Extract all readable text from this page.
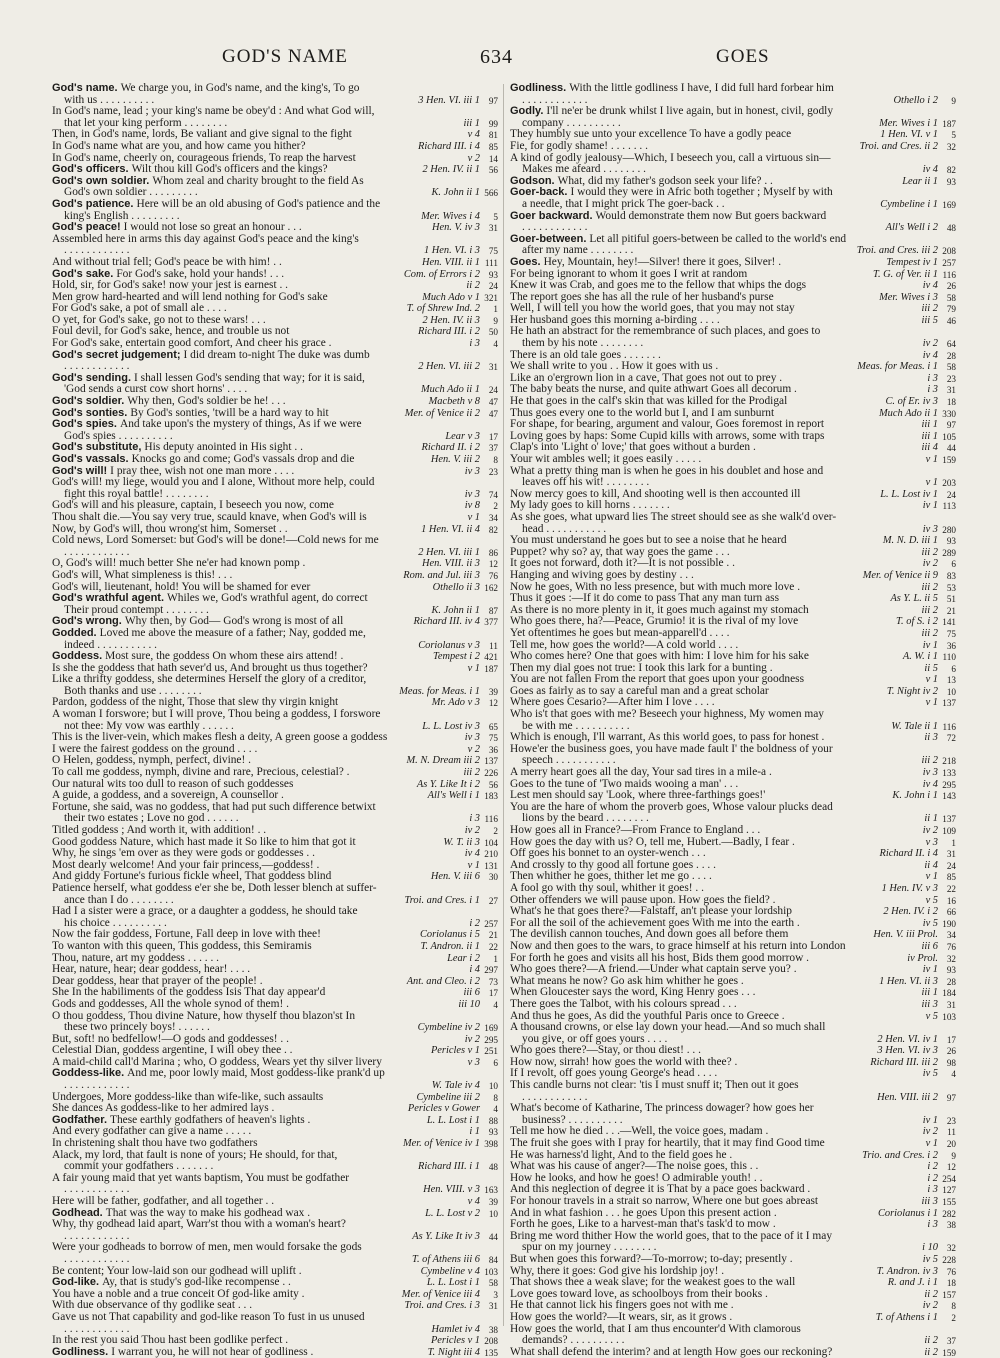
GOD'S NAME	634	GOES
God's name. We charge you, in God's name, and the king's, To go
with us . . . . . . . . . .	3 Hen. VI. iii 1 97
In God's name, lead ; your king's name be obey'd : And what God will,
that let your king perform . . . . . . . .	iii 1 99
Then, in God's name, lords, Be valiant and give signal to the fight	v 4 81
In God's name what are you, and how came you hither?	Richard III. i 4 85
In God's name, cheerly on, courageous friends, To reap the harvest	v 2 14
God's officers. Wilt thou kill God's officers and the kings?	2 Hen. IV. ii 1 56
God's own soldier. Whom zeal and charity brought to the field As
God's own soldier . . . . . . . . .	K. John ii 1 566
God's patience. Here will be an old abusing of God's patience and the
king's English . . . . . . . . .	Mer. Wives i 4	5
God's peace! I would not lose so great an honour . . .	Hen. V. iv 3 31
Assembled here in arms this day against God's peace and the king's
. . . . . . . . . . . .	1 Hen. VI. i 3 75
And without trial fell; God's peace be with him! . .	Hen. VIII. ii 1 111
God's sake. For God's sake, hold your hands! . . .	Com. of Errors i 2 93
Hold, sir, for God's sake! now your jest is earnest . .	ii 2 24
Men grow hard-hearted and will lend nothing for God's sake	Much Ado v 1 321
For God's sake, a pot of small ale . . . .	T. of Shrew Ind. 2	1
O yet, for God's sake, go not to these wars! . . .	2 Hen. IV. ii 3	9
Foul devil, for God's sake, hence, and trouble us not	Richard III. i 2 50
For God's sake, entertain good comfort, And cheer his grace .	i 3	4
God's secret judgement; I did dream to-night The duke was dumb
. . . . . . . . . . . .	2 Hen. VI. iii 2 31
God's sending. I shall lessen God's sending that way; for it is said,
'God sends a curst cow short horns' . . . .	Much Ado ii 1 24
God's soldier. Why then, God's soldier be he! . . .	Macbeth v 8 47
God's sonties. By God's sonties, 'twill be a hard way to hit	Mer. of Venice ii 2 47
God's spies. And take upon's the mystery of things, As if we were
God's spies . . . . . . . . . .	Lear v 3 17
God's substitute, His deputy anointed in His sight . .	Richard II. i 2 37
God's vassals. Knocks go and come; God's vassals drop and die	Hen. V. iii 2	8
God's will! I pray thee, wish not one man more . . . .	iv 3 23
God's will! my liege, would you and I alone, Without more help, could
fight this royal battle! . . . . . . . .	iv 3 74
God's will and his pleasure, captain, I beseech you now, come	iv 8	2
Thou shalt die.—You say very true, scauld knave, when God's will is	v 1 34
Now, by God's will, thou wrong'st him, Somerset . .	1 Hen. VI. ii 4 82
Cold news, Lord Somerset: but God's will be done!—Cold news for me
. . . . . . . . . . . .	2 Hen. VI. iii 1 86
O, God's will! much better She ne'er had known pomp .	Hen. VIII. ii 3 12
God's will, What simpleness is this! . . .	Rom. and Jul. iii 3 76
God's will, lieutenant, hold! You will be shamed for ever	Othello ii 3 162
God's wrathful agent. Whiles we, God's wrathful agent, do correct
Their proud contempt . . . . . . . .	K. John ii 1 87
God's wrong. Why then, by God— God's wrong is most of all	Richard III. iv 4 377
Godded. Loved me above the measure of a father; Nay, godded me,
indeed . . . . . . . . . . .	Coriolanus v 3 11
Goddess. Most sure, the goddess On whom these airs attend! .	Tempest i 2 421
Is she the goddess that hath sever'd us, And brought us thus together?	v 1 187
Like a thrifty goddess, she determines Herself the glory of a creditor,
Both thanks and use . . . . . . . .	Meas. for Meas. i 1 39
Pardon, goddess of the night, Those that slew thy virgin knight	Mr. Ado v 3 12
A woman I forswore; but I will prove, Thou being a goddess, I forswore
not thee: My vow was earthly . . . . . .	L. L. Lost iv 3 65
This is the liver-vein, which makes flesh a deity, A green goose a goddess	iv 3 75
I were the fairest goddess on the ground . . . .	v 2 36
O Helen, goddess, nymph, perfect, divine! .	M. N. Dream iii 2 137
To call me goddess, nymph, divine and rare, Precious, celestial? .	iii 2 226
Our natural wits too dull to reason of such goddesses	As Y. Like It i 2 56
A guide, a goddess, and a sovereign, A counsellor .	All's Well i 1 183
Fortune, she said, was no goddess, that had put such difference betwixt
their two estates ; Love no god . . . . . .	i 3 116
Titled goddess ; And worth it, with addition! . .	iv 2	2
Good goddess Nature, which hast made it So like to him that got it	W. T. ii 3 104
Why, he sings 'em over as they were gods or goddesses . .	iv 4 210
Most dearly welcome! And your fair princess,—goddess! .	v 1 131
And giddy Fortune's furious fickle wheel, That goddess blind	Hen. V. iii 6 30
Patience herself, what goddess e'er she be, Doth lesser blench at suffer-
ance than I do . . . . . . . .	Troi. and Cres. i 1 27
Had I a sister were a grace, or a daughter a goddess, he should take
his choice . . . . . . . . . .	i 2 257
Now the fair goddess, Fortune, Fall deep in love with thee!	Coriolanus i 5 21
To wanton with this queen, This goddess, this Semiramis	T. Andron. ii 1 22
Thou, nature, art my goddess . . . . . .	Lear i 2	1
Hear, nature, hear; dear goddess, hear! . . . .	i 4 297
Dear goddess, hear that prayer of the people! .	Ant. and Cleo. i 2 73
She In the habiliments of the goddess Isis That day appear'd	iii 6 17
Gods and goddesses, All the whole synod of them! .	iii 10	4
O thou goddess, Thou divine Nature, how thyself thou blazon'st In
these two princely boys! . . . . . .	Cymbeline iv 2 169
But, soft! no bedfellow!—O gods and goddesses! . .	iv 2 295
Celestial Dian, goddess argentine, I will obey thee . .	Pericles v 1 251
A maid-child call'd Marina ; who, O goddess, Wears yet thy silver livery	v 3	6
Goddess-like. And me, poor lowly maid, Most goddess-like prank'd up
. . . . . . . . . . . .	W. Tale iv 4 10
Undergoes, More goddess-like than wife-like, such assaults	Cymbeline iii 2	8
She dances As goddess-like to her admired lays .	Pericles v Gower	4
Godfather. These earthly godfathers of heaven's lights .	L. L. Lost i 1 88
And every godfather can give a name . . . . .	i 1 93
In christening shalt thou have two godfathers	Mer. of Venice iv 1 398
Alack, my lord, that fault is none of yours; He should, for that,
commit your godfathers . . . . . . .	Richard III. i 1 48
A fair young maid that yet wants baptism, You must be godfather
. . . . . . . . . . . .	Hen. VIII. v 3 163
Here will be father, godfather, and all together . .	v 4 39
Godhead. That was the way to make his godhead wax .	L. L. Lost v 2 10
Why, thy godhead laid apart, Warr'st thou with a woman's heart?
. . . . . . . . . . . .	As Y. Like It iv 3 44
Were your godheads to borrow of men, men would forsake the gods
. . . . . . . . . . . .	T. of Athens iii 6 84
Be content; Your low-laid son our godhead will uplift .	Cymbeline v 4 103
God-like. Ay, that is study's god-like recompense . .	L. L. Lost i 1 58
You have a noble and a true conceit Of god-like amity .	Mer. of Venice iii 4	3
With due observance of thy godlike seat . . .	Troi. and Cres. i 3 31
Gave us not That capability and god-like reason To fust in us unused
. . . . . . . . . . . .	Hamlet iv 4 38
In the rest you said Thou hast been godlike perfect .	Pericles v 1 208
Godliness. I warrant you, he will not hear of godliness .	T. Night iii 4 135
Godliness. With the little godliness I have, I did full hard forbear him
. . . . . . . . . . . .	Othello i 2	9
Godly. I'll ne'er be drunk whilst I live again, but in honest, civil, godly
company . . . . . . . . . .	Mer. Wives i 1 187
They humbly sue unto your excellence To have a godly peace	1 Hen. VI. v 1	5
Fie, for godly shame! . . . . . . .	Troi. and Cres. ii 2 32
A kind of godly jealousy—Which, I beseech you, call a virtuous sin—
Makes me afeard . . . . . . . .	iv 4 82
Godson. What, did my father's godson seek your life? . .	Lear ii 1 93
Goer-back. I would they were in Afric both together ; Myself by with
a needle, that I might prick The goer-back . .	Cymbeline i 1 169
Goer backward. Would demonstrate them now But goers backward
. . . . . . . . . . . .	All's Well i 2 48
Goer-between. Let all pitiful goers-between be called to the world's end
after my name . . . . . . . .	Troi. and Cres. iii 2 208
Goes. Hey, Mountain, hey!—Silver! there it goes, Silver! .	Tempest iv 1 257
For being ignorant to whom it goes I writ at random	T. G. of Ver. ii 1 116
Knew it was Crab, and goes me to the fellow that whips the dogs	iv 4 26
The report goes she has all the rule of her husband's purse	Mer. Wives i 3 58
Well, I will tell you how the world goes, that you may not stay	iii 2 79
Her husband goes this morning a-birding . . . .	iii 5 46
He hath an abstract for the remembrance of such places, and goes to
them by his note . . . . . . . .	iv 2 64
There is an old tale goes . . . . . . .	iv 4 28
We shall write to you . . How it goes with us .	Meas. for Meas. i 1 58
Like an o'ergrown lion in a cave, That goes not out to prey .	i 3 23
The baby beats the nurse, and quite athwart Goes all decorum .	i 3 31
He that goes in the calf's skin that was killed for the Prodigal	C. of Er. iv 3 18
Thus goes every one to the world but I, and I am sunburnt	Much Ado ii 1 330
For shape, for bearing, argument and valour, Goes foremost in report	iii 1 97
Loving goes by haps: Some Cupid kills with arrows, some with traps	iii 1 105
Clap's into 'Light o' love;' that goes without a burden .	iii 4 44
Your wit ambles well; it goes easily . . . . .	v 1 159
What a pretty thing man is when he goes in his doublet and hose and
leaves off his wit! . . . . . . . .	v 1 203
Now mercy goes to kill, And shooting well is then accounted ill	L. L. Lost iv 1 24
My lady goes to kill horns . . . . . . .	iv 1 113
As she goes, what upward lies The street should see as she walk'd over-
head . . . . . . . . . . .	iv 3 280
You must understand he goes but to see a noise that he heard	M. N. D. iii 1 93
Puppet? why so? ay, that way goes the game . . .	iii 2 289
It goes not forward, doth it?—It is not possible . .	iv 2	6
Hanging and wiving goes by destiny . . .	Mer. of Venice ii 9 83
Now he goes, With no less presence, but with much more love .	iii 2 53
Thus it goes :—If it do come to pass That any man turn ass	As Y. L. ii 5 51
As there is no more plenty in it, it goes much against my stomach	iii 2 21
Who goes there, ha?—Peace, Grumio! it is the rival of my love	T. of S. i 2 141
Yet oftentimes he goes but mean-apparell'd . . . .	iii 2 75
Tell me, how goes the world?—A cold world . . . .	iv 1 36
Who comes here? One that goes with him: I love him for his sake	A. W. i 1 110
Then my dial goes not true: I took this lark for a bunting .	ii 5	6
You are not fallen From the report that goes upon your goodness	v 1 13
Goes as fairly as to say a careful man and a great scholar	T. Night iv 2 10
Where goes Cesario?—After him I love . . . .	v 1 137
Who is't that goes with me? Beseech your highness, My women may
be with me . . . . . . . . . .	W. Tale ii 1 116
Which is enough, I'll warrant, As this world goes, to pass for honest .	ii 3 72
Howe'er the business goes, you have made fault I' the boldness of your
speech . . . . . . . . . . .	iii 2 218
A merry heart goes all the day, Your sad tires in a mile-a .	iv 3 133
Goes to the tune of 'Two maids wooing a man' . . .	iv 4 295
Lest men should say 'Look, where three-farthings goes!'	K. John i 1 143
You are the hare of whom the proverb goes, Whose valour plucks dead
lions by the beard . . . . . . . .	ii 1 137
How goes all in France?—From France to England . . .	iv 2 109
How goes the day with us? O, tell me, Hubert.—Badly, I fear .	v 3	1
Off goes his bonnet to an oyster-wench . . .	Richard II. i 4 31
And crossly to thy good all fortune goes . . . .	ii 4 24
Then whither he goes, thither let me go . . . .	v 1 85
A fool go with thy soul, whither it goes! . .	1 Hen. IV. v 3 22
Other offenders we will pause upon. How goes the field? .	v 5 16
What's he that goes there?—Falstaff, an't please your lordship	2 Hen. IV. i 2 66
For all the soil of the achievement goes With me into the earth .	iv 5 190
The devilish cannon touches, And down goes all before them	Hen. V. iii Prol. 34
Now and then goes to the wars, to grace himself at his return into London	iii 6 76
For forth he goes and visits all his host, Bids them good morrow .	iv Prol. 32
Who goes there?—A friend.—Under what captain serve you? .	iv 1 93
What means he now? Go ask him whither he goes .	1 Hen. VI. ii 3 28
When Gloucester says the word, King Henry goes . . .	iii 1 184
There goes the Talbot, with his colours spread . . .	iii 3 31
And thus he goes, As did the youthful Paris once to Greece .	v 5 103
A thousand crowns, or else lay down your head.—And so much shall
you give, or off goes yours . . . .	2 Hen. VI. iv 1 17
Who goes there?—Stay, or thou diest! . . .	3 Hen. VI. iv 3 26
How now, sirrah! how goes the world with thee? .	Richard III. iii 2 98
If I revolt, off goes young George's head . . . .	iv 5	4
This candle burns not clear: 'tis I must snuff it; Then out it goes
. . . . . . . . . . . .	Hen. VIII. iii 2 97
What's become of Katharine, The princess dowager? how goes her
business? . . . . . . . . . .	iv 1 23
Tell me how he died . . .—Well, the voice goes, madam .	iv 2 11
The fruit she goes with I pray for heartily, that it may find Good time	v 1 20
He was harness'd light, And to the field goes he .	Trio. and Cres. i 2	9
What was his cause of anger?—The noise goes, this . .	i 2 12
How he looks, and how he goes! O admirable youth! . .	i 2 254
And this neglection of degree it is That by a pace goes backward .	i 3 127
For honour travels in a strait so narrow, Where one but goes abreast	iii 3 155
And in what fashion . . . he goes Upon this present action .	Coriolanus i 1 282
Forth he goes, Like to a harvest-man that's task'd to mow .	i 3 38
Bring me word thither How the world goes, that to the pace of it I may
spur on my journey . . . . . . . .	i 10 32
But when goes this forward?—To-morrow; to-day; presently .	iv 5 228
Why, there it goes: God give his lordship joy! .	T. Andron. iv 3 76
That shows thee a weak slave; for the weakest goes to the wall	R. and J. i 1 18
Love goes toward love, as schoolboys from their books .	ii 2 157
He that cannot lick his fingers goes not with me .	iv 2	8
How goes the world?—It wears, sir, as it grows .	T. of Athens i 1	2
How goes the world, that I am thus encounter'd With clamorous
demands? . . . . . . . . . .	ii 2 37
What shall defend the interim? and at length How goes our reckoning?	ii 2 159
